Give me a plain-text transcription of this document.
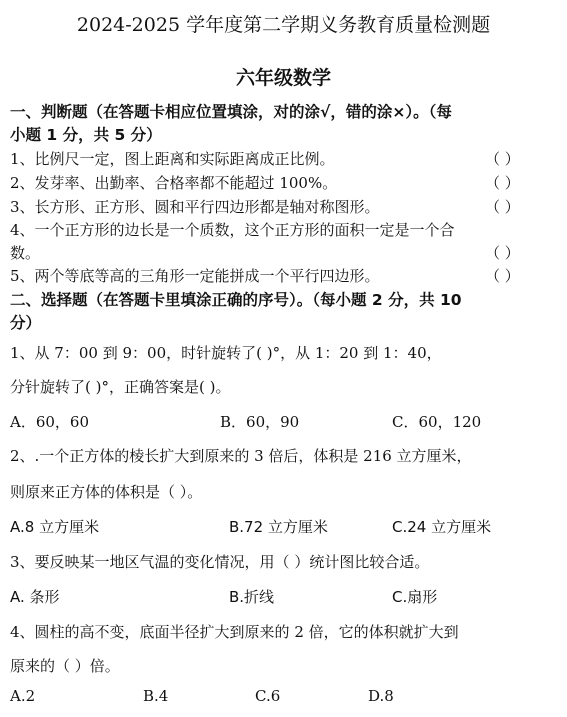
2024-2025 学年度第二学期义务教育质量检测题
六年级数学
一、判断题（在答题卡相应位置填涂，对的涂√，错的涂×）。（每
小题 1 分，共 5 分）
1、比例尺一定，图上距离和实际距离成正比例。	（ ）
2、发芽率、出勤率、合格率都不能超过 100%。	（ ）
3、长方形、正方形、圆和平行四边形都是轴对称图形。	（ ）
4、一个正方形的边长是一个质数，这个正方形的面积一定是一个合
数。	（ ）
5、两个等底等高的三角形一定能拼成一个平行四边形。	（ ）
二、选择题（在答题卡里填涂正确的序号）。（每小题 2 分，共 10
分）
1、从 7：00 到 9：00，时针旋转了( )°，从 1：20 到 1：40，
分针旋转了( )°，正确答案是( )。
A．60，60	B．60，90	C．60，120
2、.一个正方体的棱长扩大到原来的 3 倍后，体积是 216 立方厘米，
则原来正方体的体积是（ ）。
A.8 立方厘米	B.72 立方厘米	C.24 立方厘米
3、要反映某一地区气温的变化情况，用（ ）统计图比较合适。
A. 条形	B.折线	C.扇形
4、圆柱的高不变，底面半径扩大到原来的 2 倍，它的体积就扩大到
原来的（ ）倍。
A.2	B.4	C.6	D.8
